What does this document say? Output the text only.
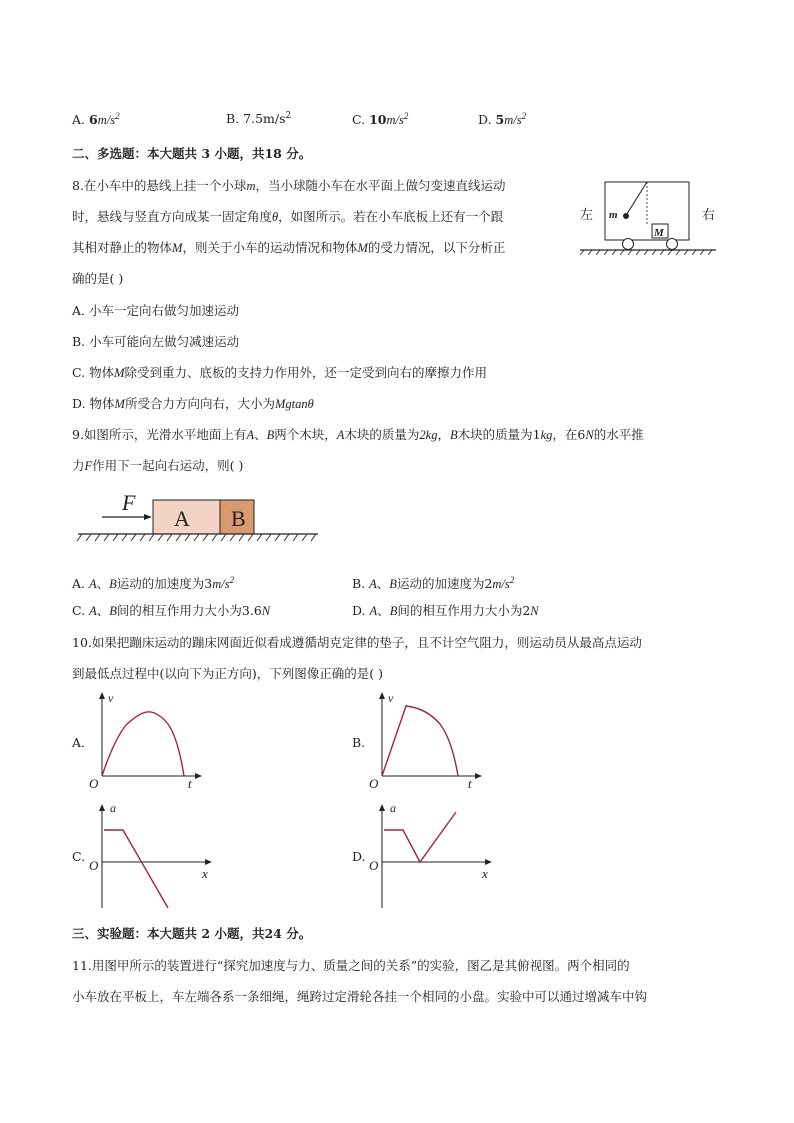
A. $6m/s^2$	B. $7.5m/s^2$	C. $10m/s^2$	D. $5m/s^2$
二、多选题：本大题共 3 小题，共18 分。
8.在小车中的悬线上挂一个小球m，当小球随小车在水平面上做匀变速直线运动
时，悬线与竖直方向成某一固定角度θ，如图所示。若在小车底板上还有一个跟
其相对静止的物体M，则关于小车的运动情况和物体M的受力情况，以下分析正
确的是( )
A. 小车一定向右做匀加速运动
B. 小车可能向左做匀减速运动
C. 物体M除受到重力、底板的支持力作用外，还一定受到向右的摩擦力作用
D. 物体M所受合力方向向右，大小为Mgtanθ
左	右
m
M
9.如图所示，光滑水平地面上有A、B两个木块，A木块的质量为2kg，B木块的质量为1kg，在6N的水平推
力F作用下一起向右运动，则( )
F
A B
A. A、B运动的加速度为$3m/s^2$	B. A、B运动的加速度为$2m/s^2$
C. A、B间的相互作用力大小为3.6N	D. A、B间的相互作用力大小为2N
10.如果把蹦床运动的蹦床网面近似看成遵循胡克定律的垫子，且不计空气阻力，则运动员从最高点运动
到最低点过程中(以向下为正方向)，下列图像正确的是( )
A.	B.
C.	D.
v
t
O
v
t
O
a
x
O
a
x
O
三、实验题：本大题共 2 小题，共24 分。
11.用图甲所示的装置进行“探究加速度与力、质量之间的关系”的实验，图乙是其俯视图。两个相同的
小车放在平板上，车左端各系一条细绳，绳跨过定滑轮各挂一个相同的小盘。实验中可以通过增减车中钩
